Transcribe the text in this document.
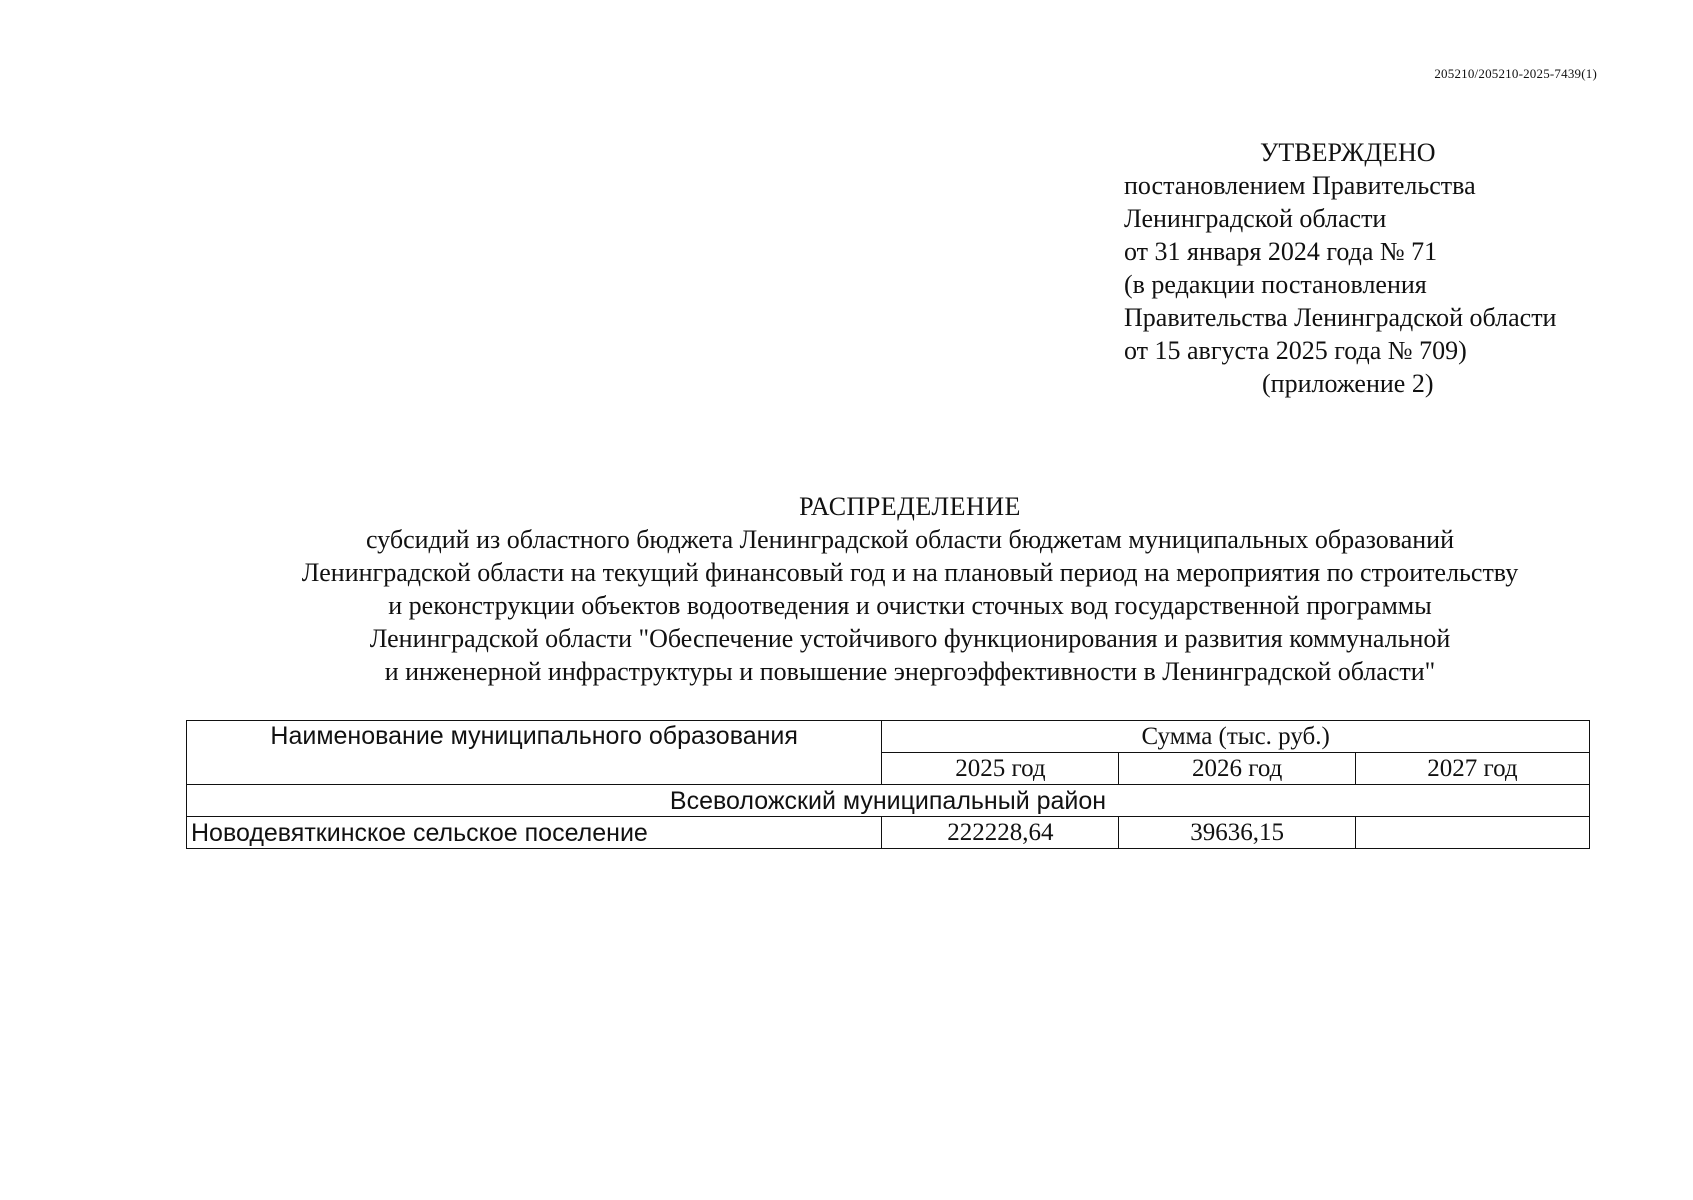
205210/205210-2025-7439(1)
УТВЕРЖДЕНО
постановлением Правительства
Ленинградской области
от 31 января 2024 года № 71
(в редакции постановления
Правительства Ленинградской области
от 15 августа 2025 года № 709)
(приложение 2)
РАСПРЕДЕЛЕНИЕ
субсидий из областного бюджета Ленинградской области бюджетам муниципальных образований
Ленинградской области на текущий финансовый год и на плановый период на мероприятия по строительству
и реконструкции объектов водоотведения и очистки сточных вод государственной программы
Ленинградской области "Обеспечение устойчивого функционирования и развития коммунальной
и инженерной инфраструктуры и повышение энергоэффективности в Ленинградской области"
Наименование муниципального образования	Сумма (тыс. руб.)		
	2025 год	2026 год	2027 год
Всеволожский муниципальный район			
Новодевяткинское сельское поселение	222228,64	39636,15	
